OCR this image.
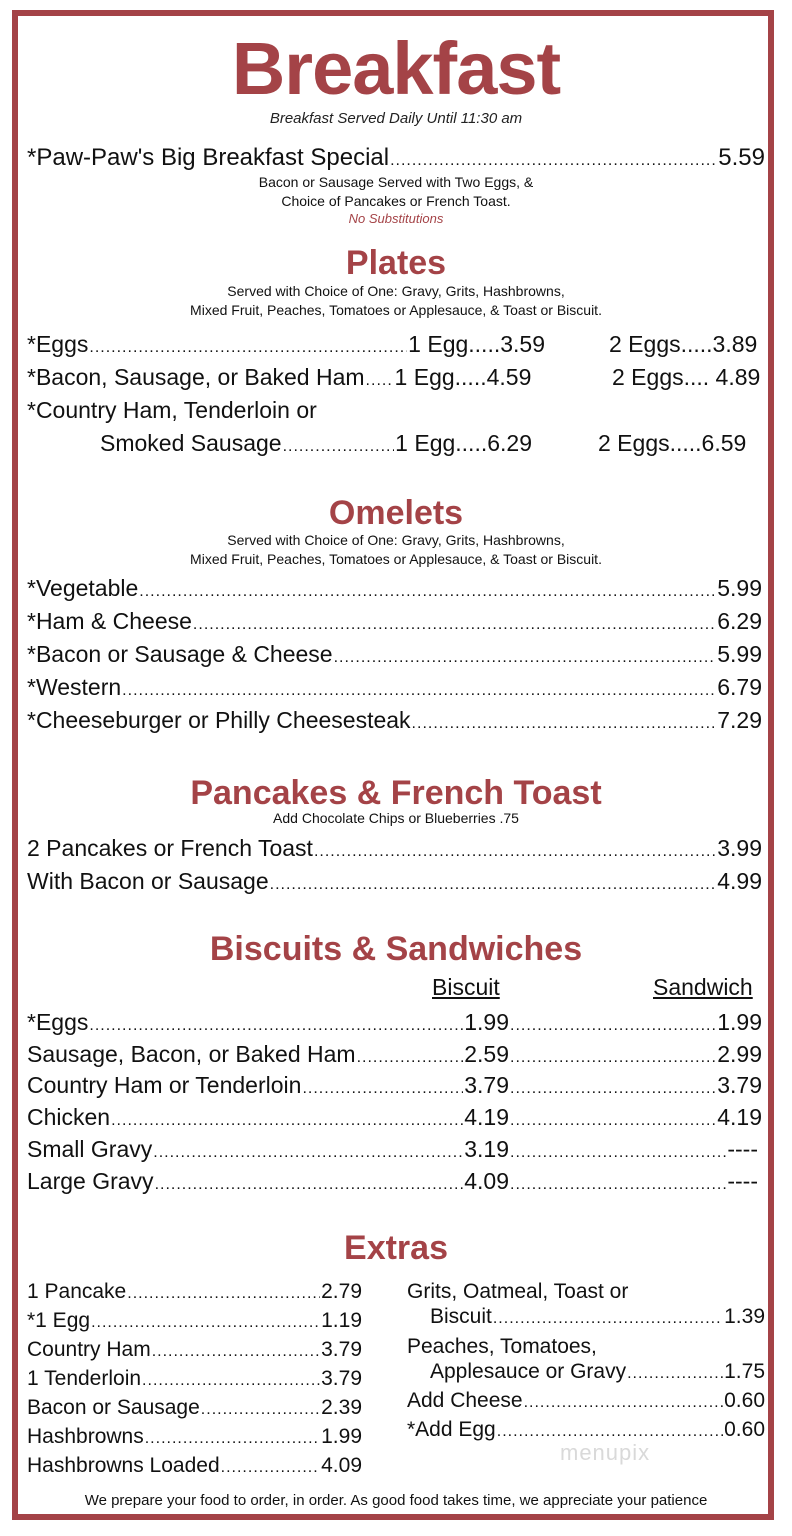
Breakfast
Breakfast Served Daily Until 11:30 am
*Paw-Paw's Big Breakfast Special .....	5.59
Bacon or Sausage Served with Two Eggs, &
Choice of Pancakes or French Toast.
No Substitutions
Plates
Served with Choice of One: Gravy, Grits, Hashbrowns,
Mixed Fruit, Peaches, Tomatoes or Applesauce, & Toast or Biscuit.
*Eggs .....	1 Egg.....3.59	2 Eggs.....3.89
*Bacon, Sausage, or Baked Ham ..... 1 Egg.....4.59	2 Eggs.... 4.89
*Country Ham, Tenderloin or
Smoked Sausage .....	1 Egg.....6.29	2 Eggs.....6.59
Omelets
Served with Choice of One: Gravy, Grits, Hashbrowns,
Mixed Fruit, Peaches, Tomatoes or Applesauce, & Toast or Biscuit.
*Vegetable .....	5.99
*Ham & Cheese .....	6.29
*Bacon or Sausage & Cheese .....	5.99
*Western .....	6.79
*Cheeseburger or Philly Cheesesteak .....	7.29
Pancakes & French Toast
Add Chocolate Chips or Blueberries .75
2 Pancakes or French Toast .....	3.99
With Bacon or Sausage .....	4.99
Biscuits & Sandwiches
Biscuit	Sandwich
*Eggs .....	1.99 .....	1.99
Sausage, Bacon, or Baked Ham .....	2.59 .....	2.99
Country Ham or Tenderloin .....	3.79 .....	3.79
Chicken .....	4.19 .....	4.19
Small Gravy .....	3.19 .....	----
Large Gravy .....	4.09 .....	----
Extras
1 Pancake .....	2.79
*1 Egg .....	1.19
Country Ham .....	3.79
1 Tenderloin .....	3.79
Bacon or Sausage .....	2.39
Hashbrowns .....	1.99
Hashbrowns Loaded .....	4.09
Grits, Oatmeal, Toast or
Biscuit .....	1.39
Peaches, Tomatoes,
Applesauce or Gravy .....	1.75
Add Cheese .....	0.60
*Add Egg .....	0.60
menupix
We prepare your food to order, in order. As good food takes time, we appreciate your patience
